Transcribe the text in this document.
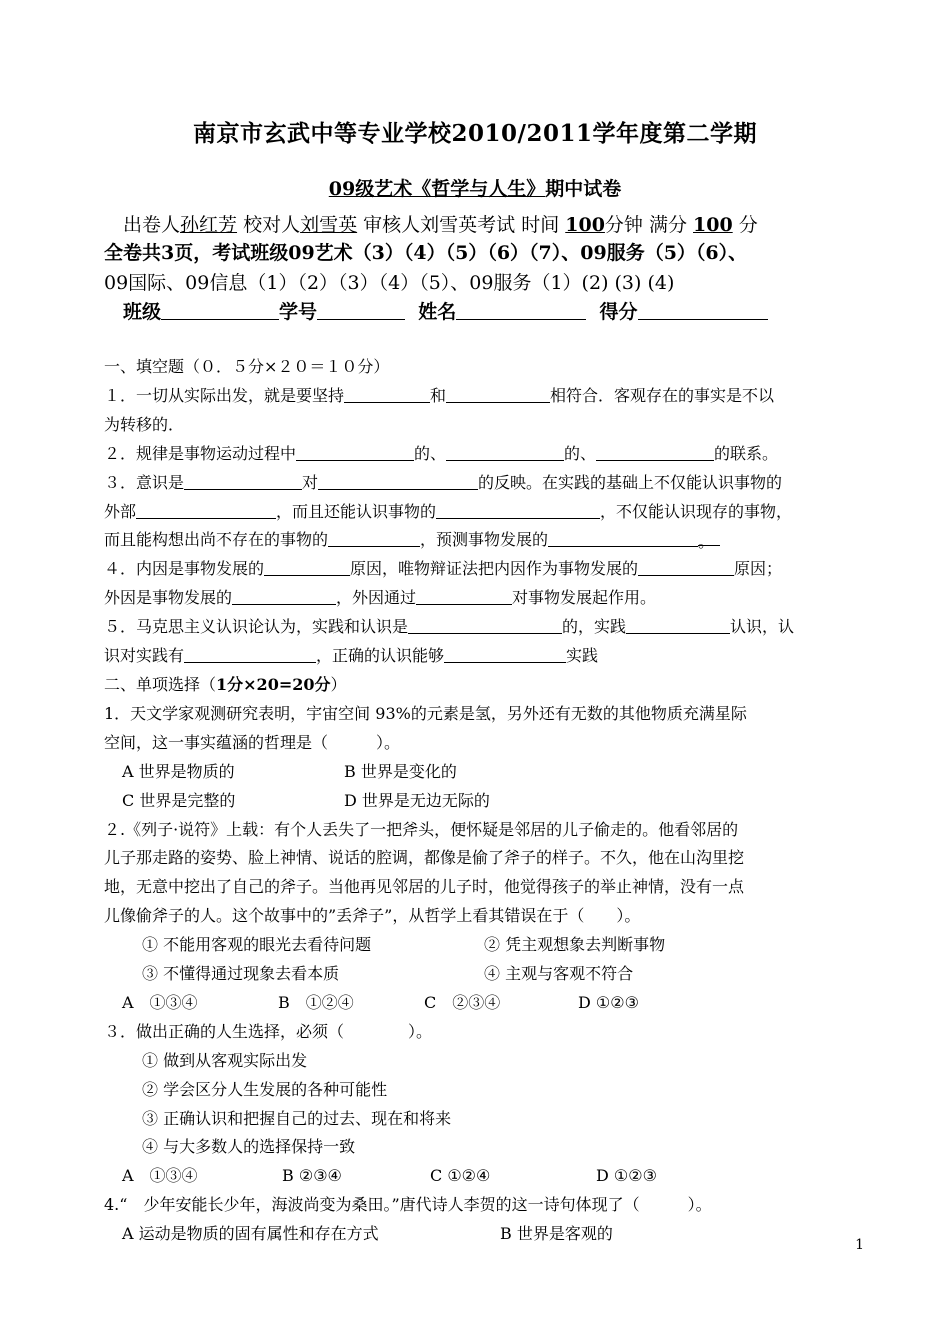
南京市玄武中等专业学校2010/2011学年度第二学期
09级艺术《哲学与人生》期中试卷
出卷人孙红芳 校对人刘雪英 审核人刘雪英考试 时间 100分钟 满分 100 分
全卷共3页，考试班级09艺术（3）（4）（5）（6）（7）、09服务（5）（6）、
09国际、09信息（1）（2）（3）（4）（5）、09服务（1）(2) (3) (4)
班级	学号	姓名	得分

一、填空题（０．５分×２０＝１０分）

１．一切从实际出发，就是要坚持	和	相符合．客观存在的事实是不以

为转移的．

２．规律是事物运动过程中	的、	的、	的联系。

３．意识是	对	的反映。在实践的基础上不仅能认识事物的

外部	，而且还能认识事物的	，不仅能认识现存的事物，

而且能构想出尚不存在的事物的	，预测事物发展的	。

４．内因是事物发展的	原因，唯物辩证法把内因作为事物发展的	原因；

外因是事物发展的	，外因通过	对事物发展起作用。

５．马克思主义认识论认为，实践和认识是	的，实践	认识，认

识对实践有	，正确的认识能够	实践

二、单项选择（1分×20=20分）

1．天文学家观测研究表明，宇宙空间 93%的元素是氢，另外还有无数的其他物质充满星际

空间，这一事实蕴涵的哲理是（　　　）。

A 世界是物质的	B 世界是变化的

C 世界是完整的	D 世界是无边无际的

２.《列子·说符》上载：有个人丢失了一把斧头，便怀疑是邻居的儿子偷走的。他看邻居的

儿子那走路的姿势、脸上神情、说话的腔调，都像是偷了斧子的样子。不久，他在山沟里挖

地，无意中挖出了自己的斧子。当他再见邻居的儿子时，他觉得孩子的举止神情，没有一点

儿像偷斧子的人。这个故事中的”丢斧子”，从哲学上看其错误在于（　　）。

① 不能用客观的眼光去看待问题	② 凭主观想象去判断事物

③ 不懂得通过现象去看本质	④ 主观与客观不符合

A　①③④	B　①②④	C　②③④	D ①②③

３．做出正确的人生选择，必须（　　　　）。

① 做到从客观实际出发

② 学会区分人生发展的各种可能性

③ 正确认识和把握自己的过去、现在和将来

④ 与大多数人的选择保持一致

A　①③④	B ②③④	C ①②④	D ①②③

4.“　少年安能长少年，海波尚变为桑田。”唐代诗人李贺的这一诗句体现了（　　　）。

A 运动是物质的固有属性和存在方式	B 世界是客观的

1
